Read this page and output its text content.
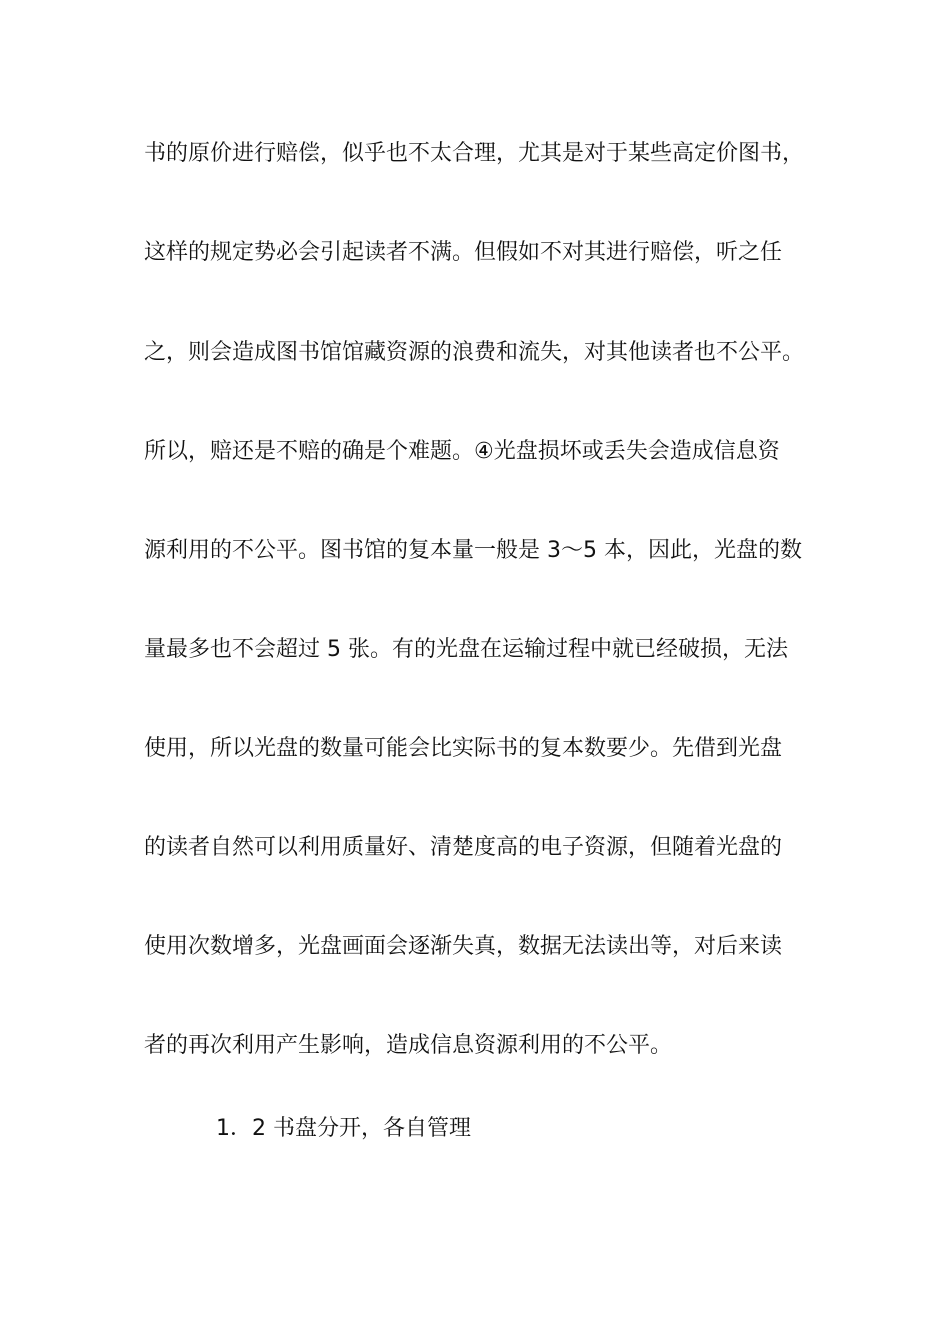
书的原价进行赔偿，似乎也不太合理，尤其是对于某些高定价图书，
这样的规定势必会引起读者不满。但假如不对其进行赔偿，听之任
之，则会造成图书馆馆藏资源的浪费和流失，对其他读者也不公平。
所以，赔还是不赔的确是个难题。④光盘损坏或丢失会造成信息资
源利用的不公平。图书馆的复本量一般是 3～5 本，因此，光盘的数
量最多也不会超过 5 张。有的光盘在运输过程中就已经破损，无法
使用，所以光盘的数量可能会比实际书的复本数要少。先借到光盘
的读者自然可以利用质量好、清楚度高的电子资源，但随着光盘的
使用次数增多，光盘画面会逐渐失真，数据无法读出等，对后来读
者的再次利用产生影响，造成信息资源利用的不公平。
1．2 书盘分开，各自管理
